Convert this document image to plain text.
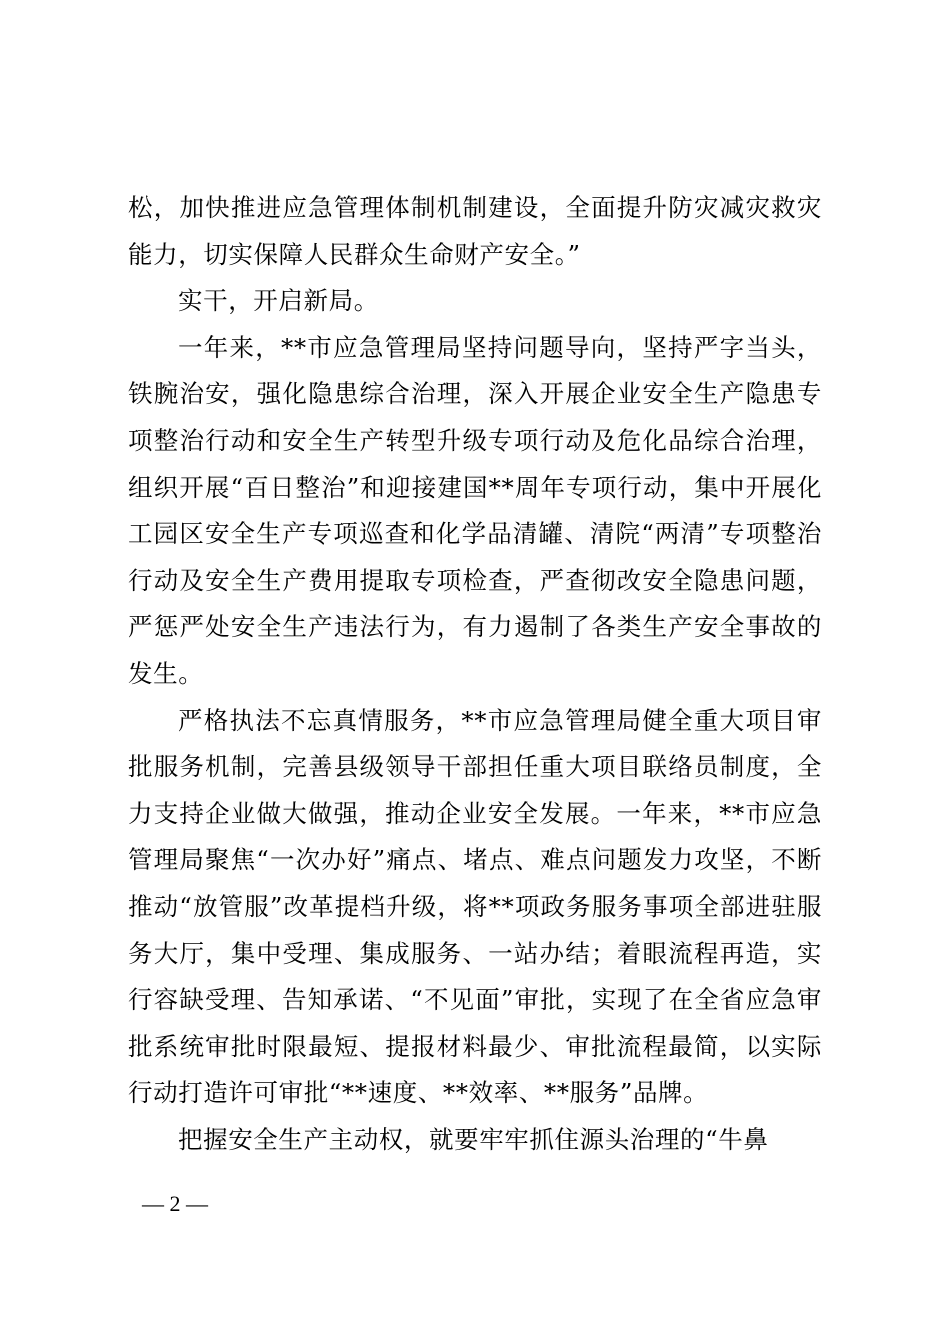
松，加快推进应急管理体制机制建设，全面提升防灾减灾救灾能力，切实保障人民群众生命财产安全。”

实干，开启新局。

一年来，**市应急管理局坚持问题导向，坚持严字当头，铁腕治安，强化隐患综合治理，深入开展企业安全生产隐患专项整治行动和安全生产转型升级专项行动及危化品综合治理，组织开展“百日整治”和迎接建国**周年专项行动，集中开展化工园区安全生产专项巡查和化学品清罐、清院“两清”专项整治行动及安全生产费用提取专项检查，严查彻改安全隐患问题，严惩严处安全生产违法行为，有力遏制了各类生产安全事故的发生。

严格执法不忘真情服务，**市应急管理局健全重大项目审批服务机制，完善县级领导干部担任重大项目联络员制度，全力支持企业做大做强，推动企业安全发展。一年来，**市应急管理局聚焦“一次办好”痛点、堵点、难点问题发力攻坚，不断推动“放管服”改革提档升级，将**项政务服务事项全部进驻服务大厅，集中受理、集成服务、一站办结；着眼流程再造，实行容缺受理、告知承诺、“不见面”审批，实现了在全省应急审批系统审批时限最短、提报材料最少、审批流程最简，以实际行动打造许可审批“**速度、**效率、**服务”品牌。

把握安全生产主动权，就要牢牢抓住源头治理的“牛鼻

— 2 —
